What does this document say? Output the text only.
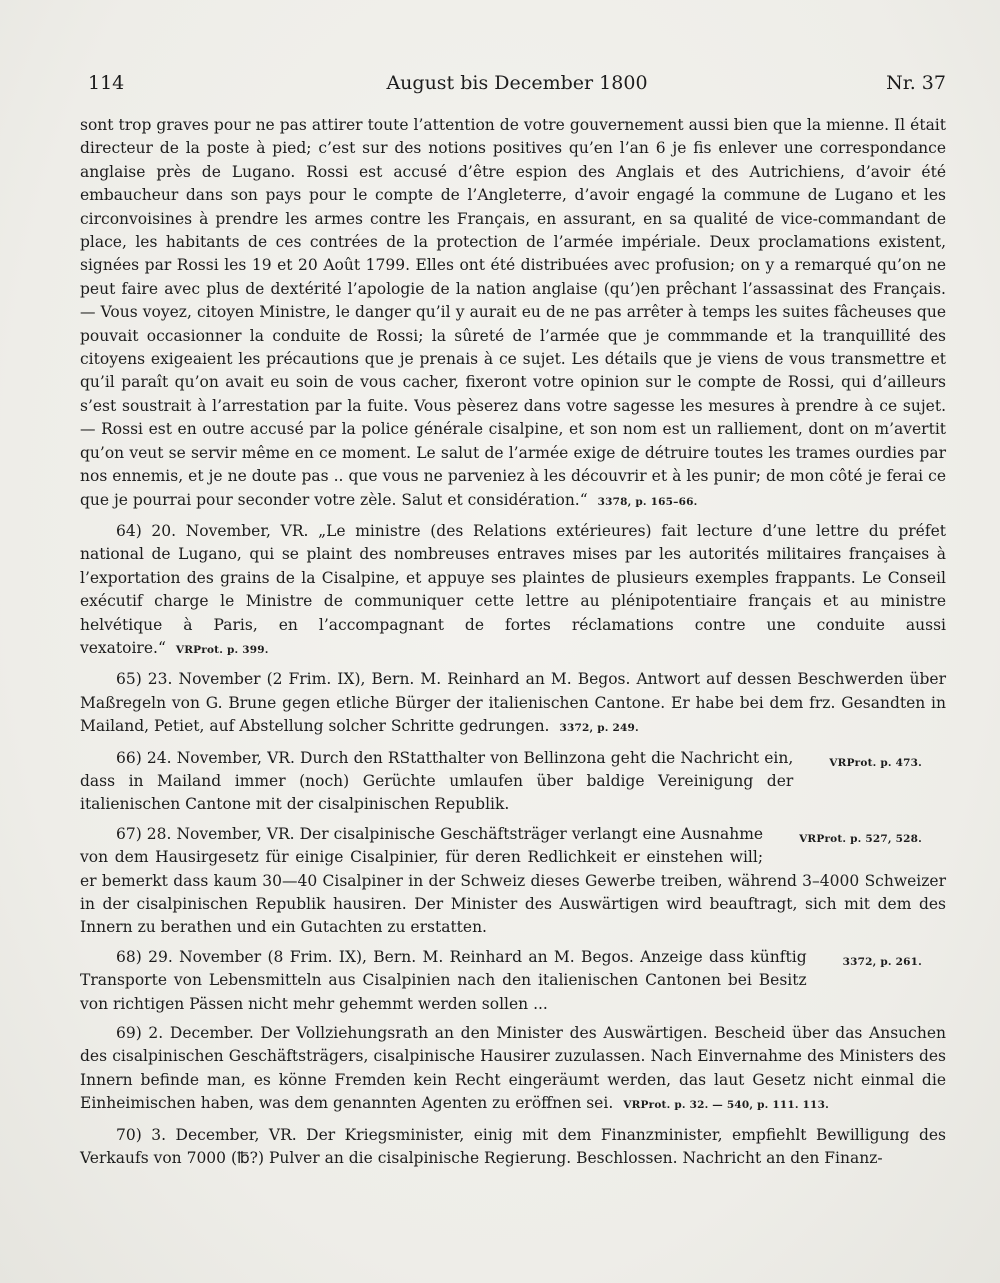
114	August bis December 1800	Nr. 37
sont trop graves pour ne pas attirer toute l’attention de votre gouvernement aussi bien que la mienne. Il était directeur de la poste à pied; c’est sur des notions positives qu’en l’an 6 je fis enlever une correspondance anglaise près de Lugano. Rossi est accusé d’être espion des Anglais et des Autrichiens, d’avoir été embaucheur dans son pays pour le compte de l’Angleterre, d’avoir engagé la commune de Lugano et les circonvoisines à prendre les armes contre les Français, en assurant, en sa qualité de vice-commandant de place, les habitants de ces contrées de la protection de l’armée impériale. Deux proclamations existent, signées par Rossi les 19 et 20 Août 1799. Elles ont été distribuées avec profusion; on y a remarqué qu’on ne peut faire avec plus de dextérité l’apologie de la nation anglaise (qu’)en prêchant l’assassinat des Français. — Vous voyez, citoyen Ministre, le danger qu’il y aurait eu de ne pas arrêter à temps les suites fâcheuses que pouvait occasionner la conduite de Rossi; la sûreté de l’armée que je commmande et la tranquillité des citoyens exigeaient les précautions que je prenais à ce sujet. Les détails que je viens de vous transmettre et qu’il paraît qu’on avait eu soin de vous cacher, fixeront votre opinion sur le compte de Rossi, qui d’ailleurs s’est soustrait à l’arrestation par la fuite. Vous pèserez dans votre sagesse les mesures à prendre à ce sujet. — Rossi est en outre accusé par la police générale cisalpine, et son nom est un ralliement, dont on m’avertit qu’on veut se servir même en ce moment. Le salut de l’armée exige de détruire toutes les trames ourdies par nos ennemis, et je ne doute pas .. que vous ne parveniez à les découvrir et à les punir; de mon côté je ferai ce que je pourrai pour seconder votre zèle. Salut et considération.“ 3378, p. 165–66.
64) 20. November, VR. „Le ministre (des Relations extérieures) fait lecture d’une lettre du préfet national de Lugano, qui se plaint des nombreuses entraves mises par les autorités militaires françaises à l’exportation des grains de la Cisalpine, et appuye ses plaintes de plusieurs exemples frappants. Le Conseil exécutif charge le Ministre de communiquer cette lettre au plénipotentiaire français et au ministre helvétique à Paris, en l’accompagnant de fortes réclamations contre une conduite aussi vexatoire.“ VRProt. p. 399.
65) 23. November (2 Frim. IX), Bern. M. Reinhard an M. Begos. Antwort auf dessen Beschwerden über Maßregeln von G. Brune gegen etliche Bürger der italienischen Cantone. Er habe bei dem frz. Gesandten in Mailand, Petiet, auf Abstellung solcher Schritte gedrungen. 3372, p. 249.
VRProt. p. 473.
66) 24. November, VR. Durch den RStatthalter von Bellinzona geht die Nachricht ein, dass in Mailand immer (noch) Gerüchte umlaufen über baldige Vereinigung der italienischen Cantone mit der cisalpinischen Republik.
VRProt. p. 527, 528.
67) 28. November, VR. Der cisalpinische Geschäftsträger verlangt eine Ausnahme von dem Hausirgesetz für einige Cisalpinier, für deren Redlichkeit er einstehen will; er bemerkt dass kaum 30—40 Cisalpiner in der Schweiz dieses Gewerbe treiben, während 3–4000 Schweizer in der cisalpinischen Republik hausiren. Der Minister des Auswärtigen wird beauftragt, sich mit dem des Innern zu berathen und ein Gutachten zu erstatten.
3372, p. 261.
68) 29. November (8 Frim. IX), Bern. M. Reinhard an M. Begos. Anzeige dass künftig Transporte von Lebensmitteln aus Cisalpinien nach den italienischen Cantonen bei Besitz von richtigen Pässen nicht mehr gehemmt werden sollen ...
69) 2. December. Der Vollziehungsrath an den Minister des Auswärtigen. Bescheid über das Ansuchen des cisalpinischen Geschäftsträgers, cisalpinische Hausirer zuzulassen. Nach Einvernahme des Ministers des Innern befinde man, es könne Fremden kein Recht eingeräumt werden, das laut Gesetz nicht einmal die Einheimischen haben, was dem genannten Agenten zu eröffnen sei. VRProt. p. 32. — 540, p. 111. 113.
70) 3. December, VR. Der Kriegsminister, einig mit dem Finanzminister, empfiehlt Bewilligung des Verkaufs von 7000 (℔?) Pulver an die cisalpinische Regierung. Beschlossen. Nachricht an den Finanz-
